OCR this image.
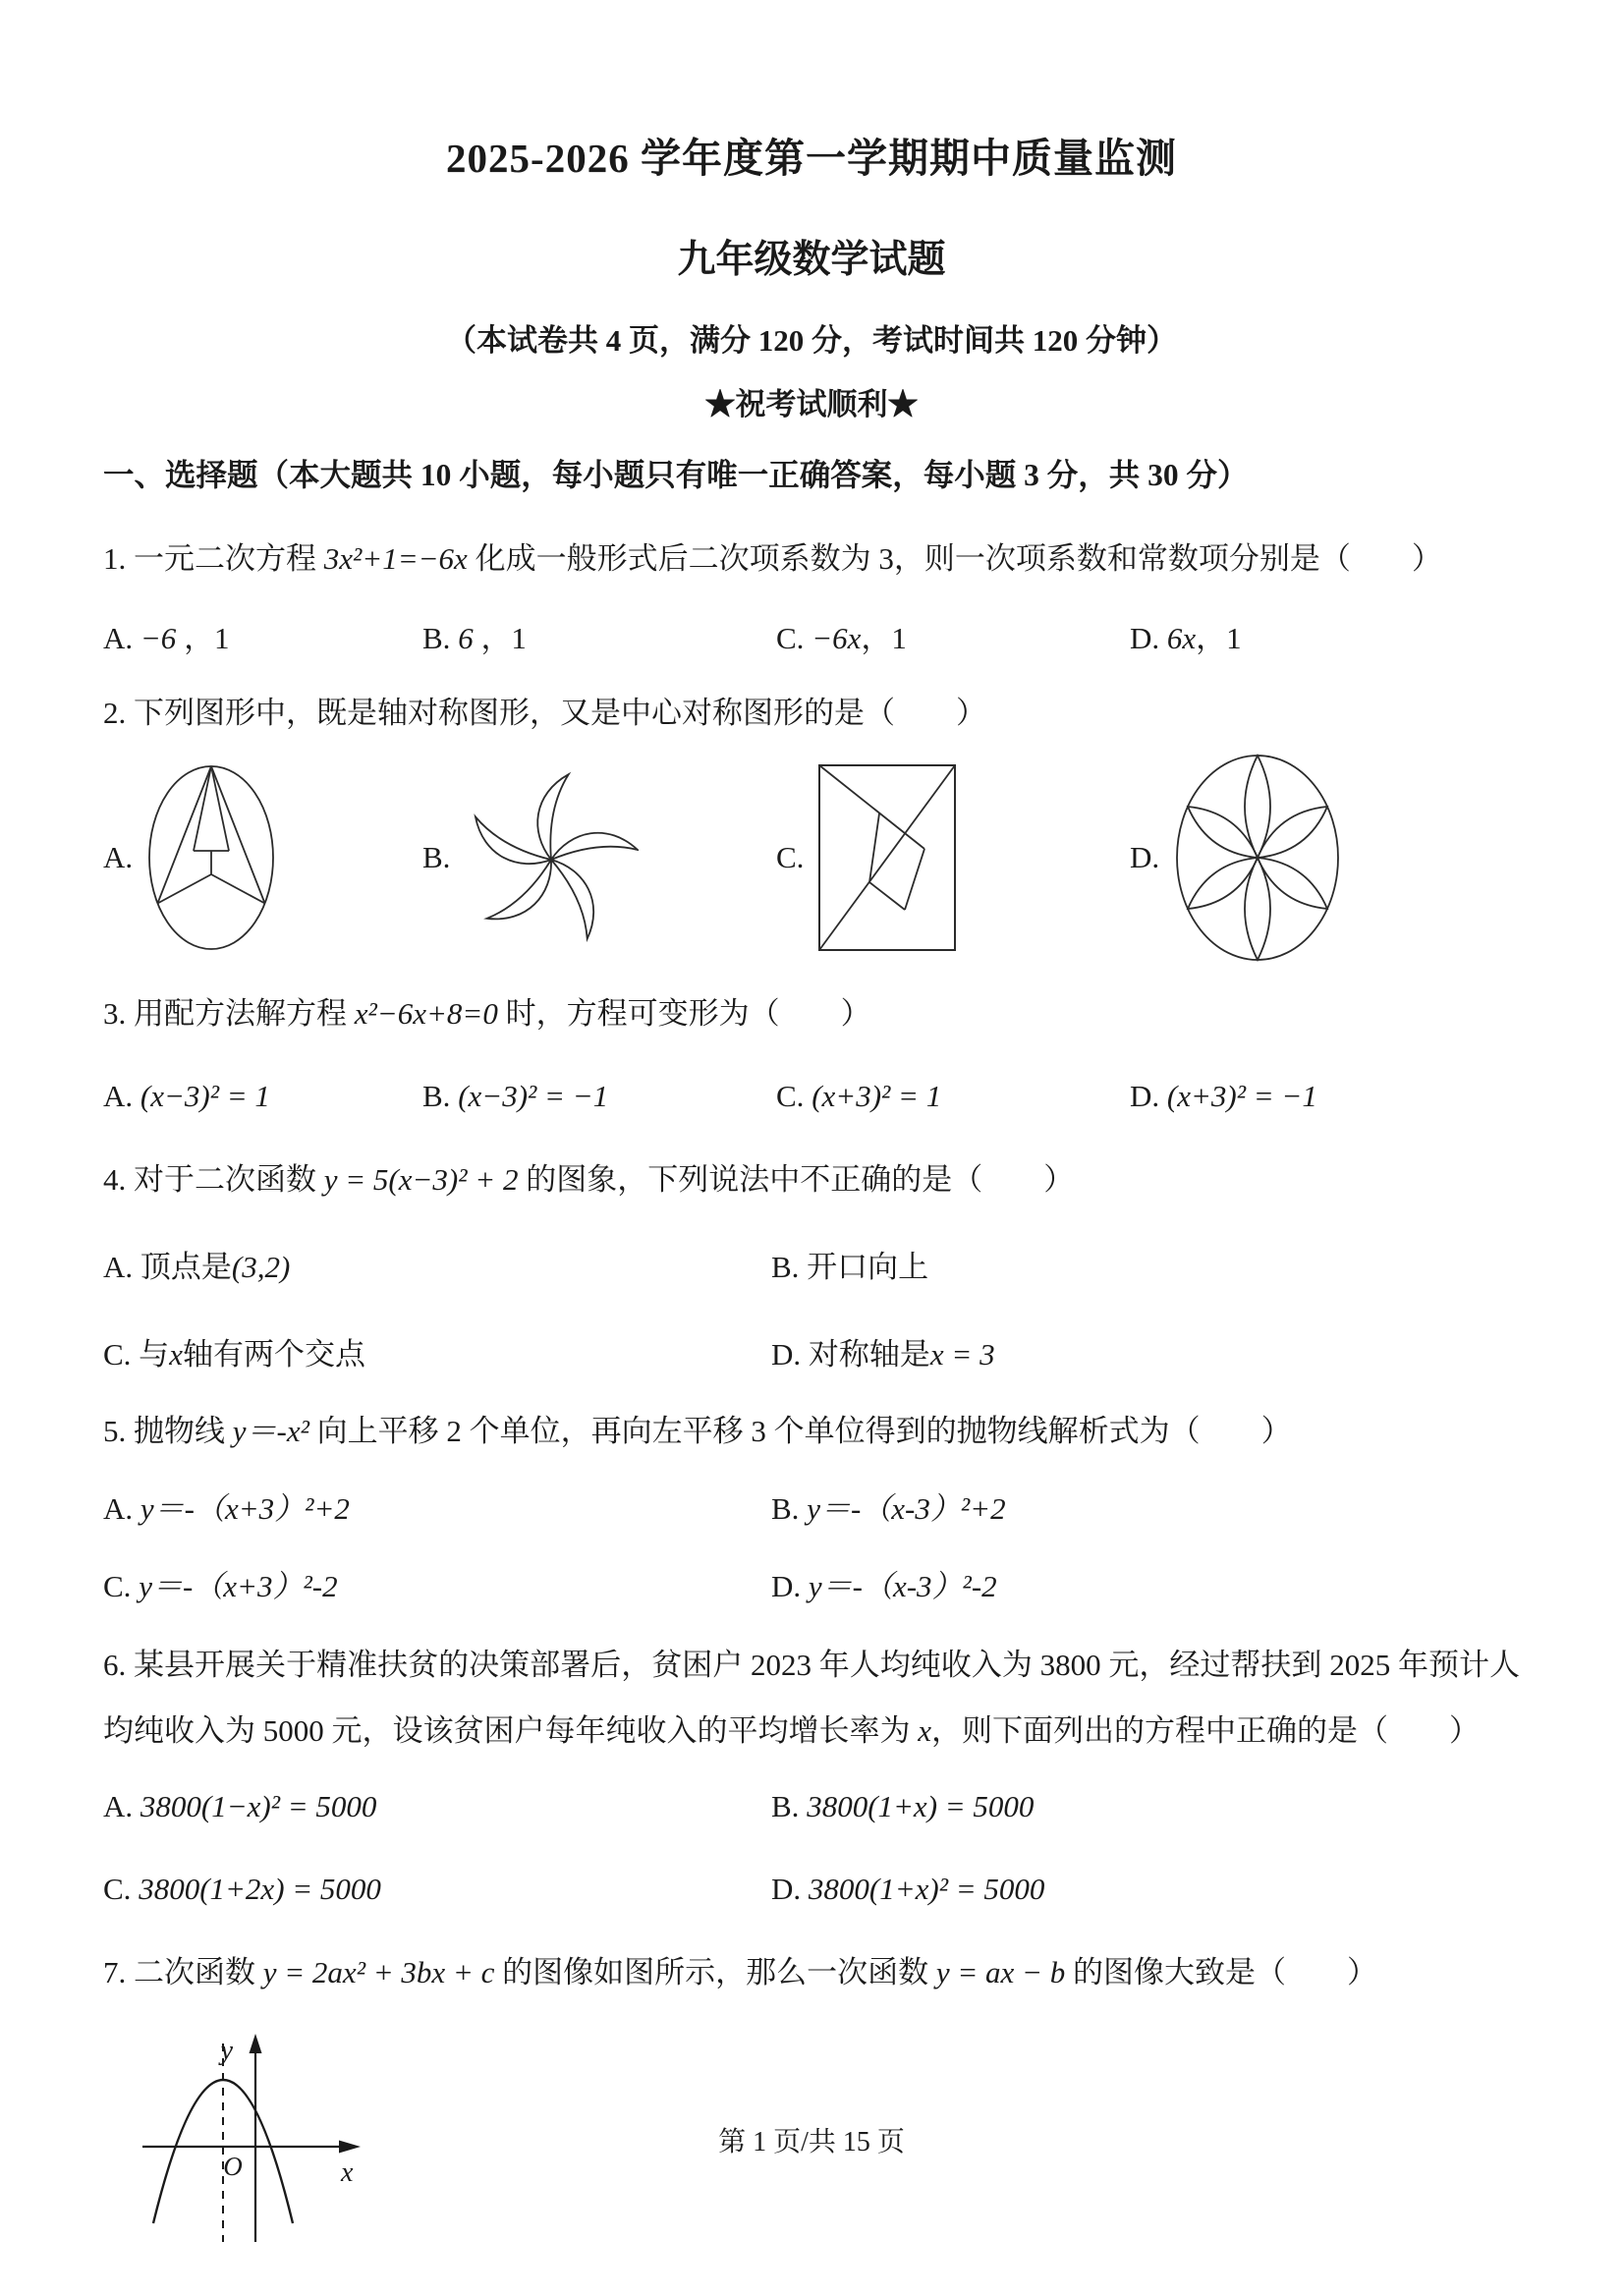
2025-2026 学年度第一学期期中质量监测
九年级数学试题
（本试卷共 4 页，满分 120 分，考试时间共 120 分钟）
★祝考试顺利★
一、选择题（本大题共 10 小题，每小题只有唯一正确答案，每小题 3 分，共 30 分）
1. 一元二次方程 3x²+1=−6x 化成一般形式后二次项系数为 3，则一次项系数和常数项分别是（　　）
A. −6 ，1	B. 6 ，1	C. −6x，1	D. 6x，1
2. 下列图形中，既是轴对称图形，又是中心对称图形的是（　　）
A.	B.	C.	D.
3. 用配方法解方程 x²−6x+8=0 时，方程可变形为（　　）
A. (x−3)² = 1	B. (x−3)² = −1	C. (x+3)² = 1	D. (x+3)² = −1
4. 对于二次函数 y = 5(x−3)² + 2 的图象，下列说法中不正确的是（　　）
A. 顶点是(3,2)	B. 开口向上
C. 与x轴有两个交点	D. 对称轴是x = 3
5. 抛物线 y＝-x² 向上平移 2 个单位，再向左平移 3 个单位得到的抛物线解析式为（　　）
A. y＝-（x+3）²+2	B. y＝-（x-3）²+2
C. y＝-（x+3）²-2	D. y＝-（x-3）²-2
6. 某县开展关于精准扶贫的决策部署后，贫困户 2023 年人均纯收入为 3800 元，经过帮扶到 2025 年预计人均纯收入为 5000 元，设该贫困户每年纯收入的平均增长率为 x，则下面列出的方程中正确的是（　　）
A. 3800(1−x)² = 5000	B. 3800(1+x) = 5000
C. 3800(1+2x) = 5000	D. 3800(1+x)² = 5000
7. 二次函数 y = 2ax² + 3bx + c 的图像如图所示，那么一次函数 y = ax − b 的图像大致是（　　）
y
x
O
第 1 页/共 15 页
